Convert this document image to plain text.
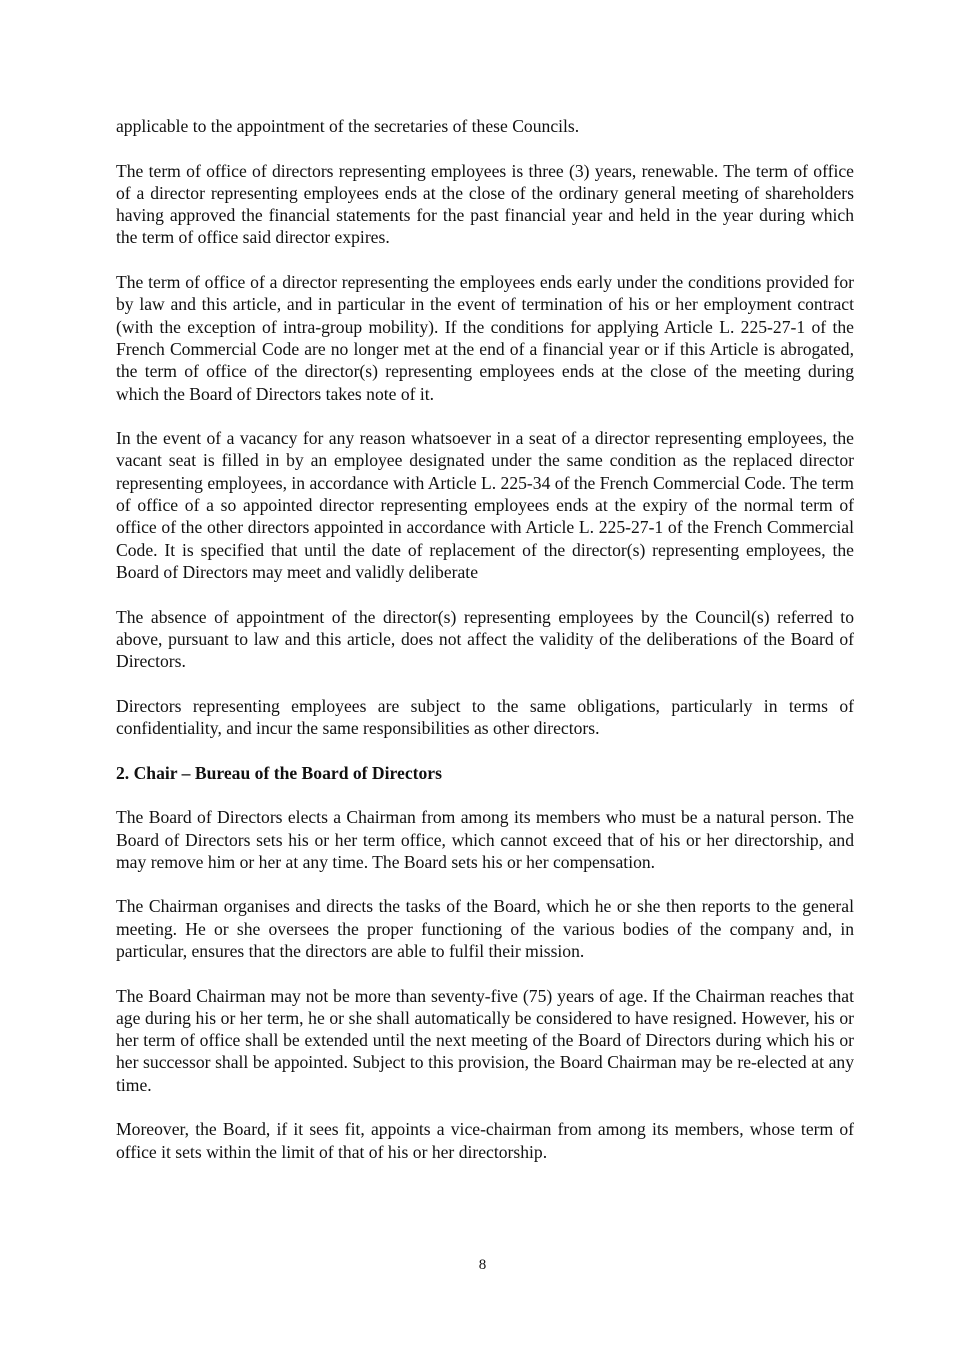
applicable to the appointment of the secretaries of these Councils.

The term of office of directors representing employees is three (3) years, renewable. The term of office of a director representing employees ends at the close of the ordinary general meeting of shareholders having approved the financial statements for the past financial year and held in the year during which the term of office said director expires.

The term of office of a director representing the employees ends early under the conditions provided for by law and this article, and in particular in the event of termination of his or her employment contract (with the exception of intra-group mobility). If the conditions for applying Article L. 225-27-1 of the French Commercial Code are no longer met at the end of a financial year or if this Article is abrogated, the term of office of the director(s) representing employees ends at the close of the meeting during which the Board of Directors takes note of it.

In the event of a vacancy for any reason whatsoever in a seat of a director representing employees, the vacant seat is filled in by an employee designated under the same condition as the replaced director representing employees, in accordance with Article L. 225-34 of the French Commercial Code. The term of office of a so appointed director representing employees ends at the expiry of the normal term of office of the other directors appointed in accordance with Article L. 225-27-1 of the French Commercial Code. It is specified that until the date of replacement of the director(s) representing employees, the Board of Directors may meet and validly deliberate

The absence of appointment of the director(s) representing employees by the Council(s) referred to above, pursuant to law and this article, does not affect the validity of the deliberations of the Board of Directors.

Directors representing employees are subject to the same obligations, particularly in terms of confidentiality, and incur the same responsibilities as other directors.

2. Chair – Bureau of the Board of Directors

The Board of Directors elects a Chairman from among its members who must be a natural person. The Board of Directors sets his or her term office, which cannot exceed that of his or her directorship, and may remove him or her at any time. The Board sets his or her compensation.

The Chairman organises and directs the tasks of the Board, which he or she then reports to the general meeting. He or she oversees the proper functioning of the various bodies of the company and, in particular, ensures that the directors are able to fulfil their mission.

The Board Chairman may not be more than seventy-five (75) years of age. If the Chairman reaches that age during his or her term, he or she shall automatically be considered to have resigned. However, his or her term of office shall be extended until the next meeting of the Board of Directors during which his or her successor shall be appointed. Subject to this provision, the Board Chairman may be re-elected at any time.

Moreover, the Board, if it sees fit, appoints a vice-chairman from among its members, whose term of office it sets within the limit of that of his or her directorship.

8
